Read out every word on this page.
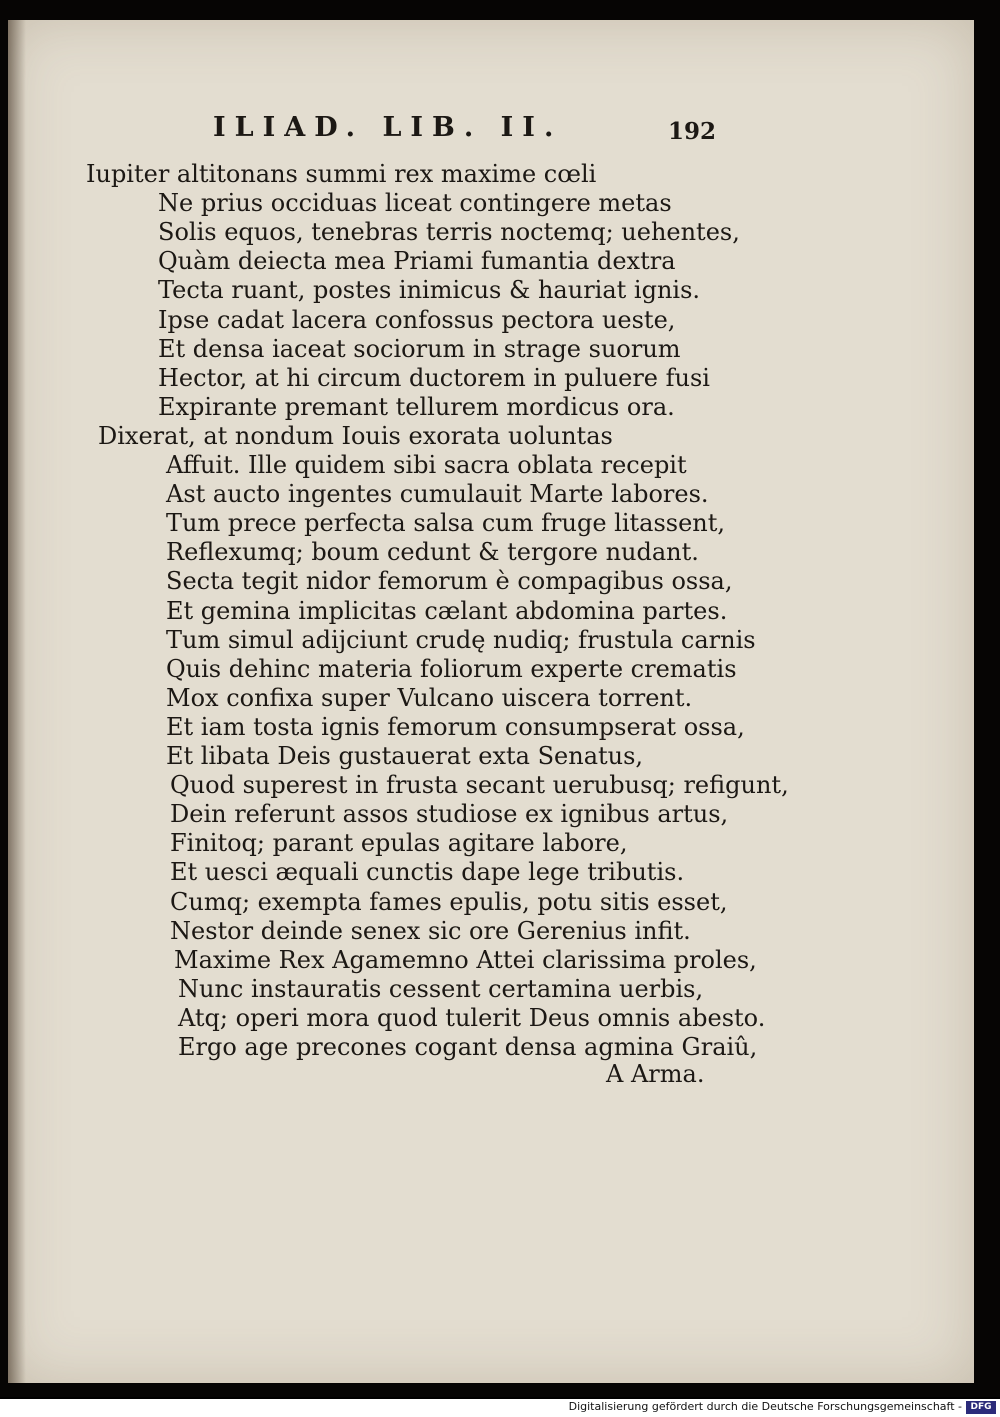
ILIAD. LIB. II.	192
Iupiter altitonans summi rex maxime cœli
Ne prius occiduas liceat contingere metas
Solis equos, tenebras terris noctemq; uehentes,
Quàm deiecta mea Priami fumantia dextra
Tecta ruant, postes inimicus & hauriat ignis.
Ipse cadat lacera confossus pectora ueste,
Et densa iaceat sociorum in strage suorum
Hector, at hi circum ductorem in puluere fusi
Expirante premant tellurem mordicus ora.
Dixerat, at nondum Iouis exorata uoluntas
Affuit. Ille quidem sibi sacra oblata recepit
Ast aucto ingentes cumulauit Marte labores.
Tum prece perfecta salsa cum fruge litassent,
Reflexumq; boum cedunt & tergore nudant.
Secta tegit nidor femorum è compagibus ossa,
Et gemina implicitas cælant abdomina partes.
Tum simul adijciunt crudę nudiq; frustula carnis
Quis dehinc materia foliorum experte crematis
Mox confixa super Vulcano uiscera torrent.
Et iam tosta ignis femorum consumpserat ossa,
Et libata Deis gustauerat exta Senatus,
Quod superest in frusta secant uerubusq; refigunt,
Dein referunt assos studiose ex ignibus artus,
Finitoq; parant epulas agitare labore,
Et uesci æquali cunctis dape lege tributis.
Cumq; exempta fames epulis, potu sitis esset,
Nestor deinde senex sic ore Gerenius infit.
Maxime Rex Agamemno Attei clarissima proles,
Nunc instauratis cessent certamina uerbis,
Atq; operi mora quod tulerit Deus omnis abesto.
Ergo age precones cogant densa agmina Graiû,
A Arma.
Digitalisierung gefördert durch die Deutsche Forschungsgemeinschaft - DFG
